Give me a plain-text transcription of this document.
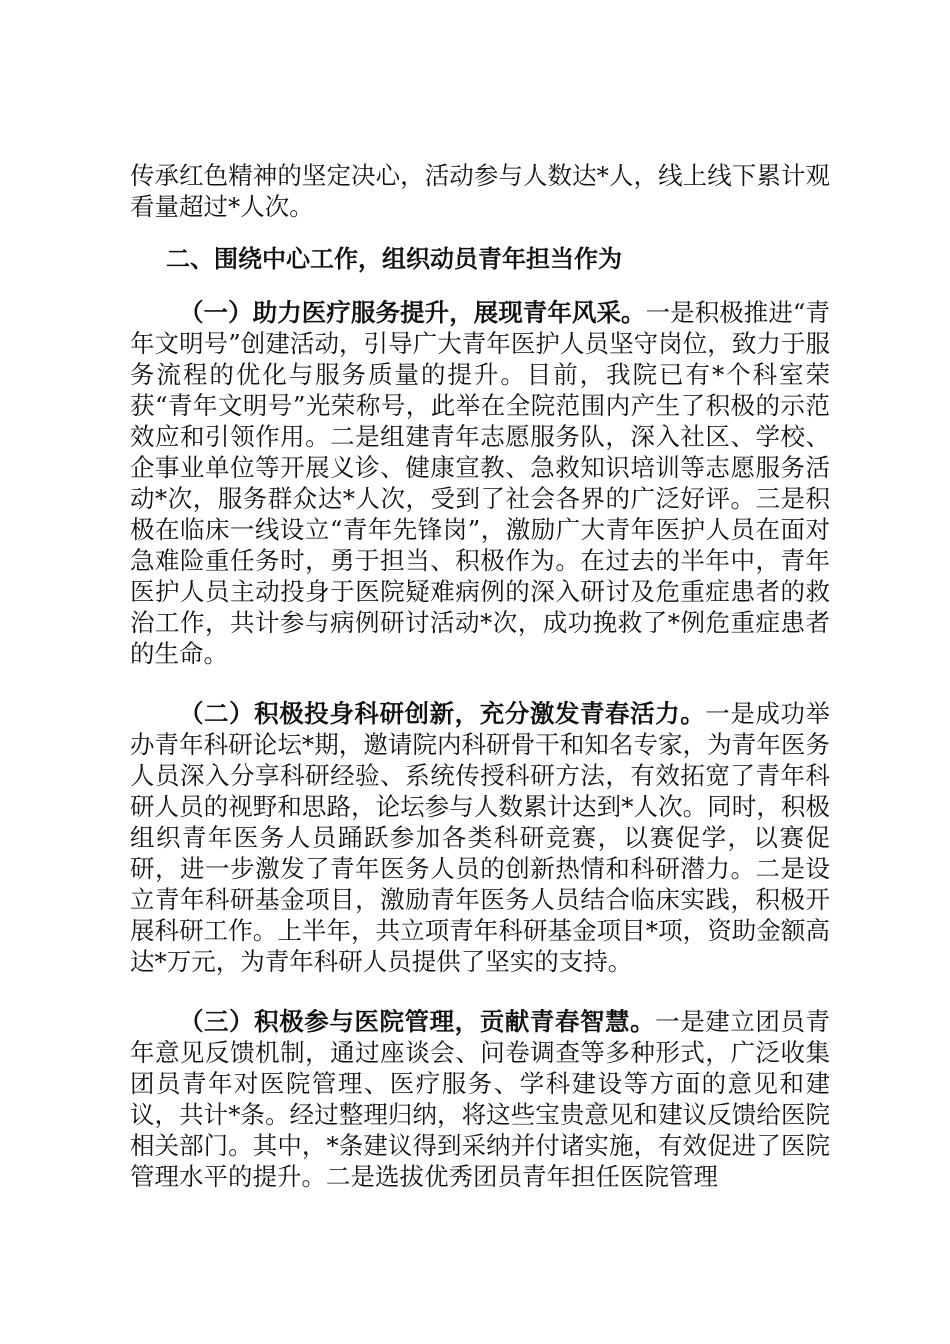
传承红色精神的坚定决心，活动参与人数达*人，线上线下累计观看量超过*人次。

二、围绕中心工作，组织动员青年担当作为

（一）助力医疗服务提升，展现青年风采。一是积极推进“青年文明号”创建活动，引导广大青年医护人员坚守岗位，致力于服务流程的优化与服务质量的提升。目前，我院已有*个科室荣获“青年文明号”光荣称号，此举在全院范围内产生了积极的示范效应和引领作用。二是组建青年志愿服务队，深入社区、学校、企事业单位等开展义诊、健康宣教、急救知识培训等志愿服务活动*次，服务群众达*人次，受到了社会各界的广泛好评。三是积极在临床一线设立“青年先锋岗”，激励广大青年医护人员在面对急难险重任务时，勇于担当、积极作为。在过去的半年中，青年医护人员主动投身于医院疑难病例的深入研讨及危重症患者的救治工作，共计参与病例研讨活动*次，成功挽救了*例危重症患者的生命。

（二）积极投身科研创新，充分激发青春活力。一是成功举办青年科研论坛*期，邀请院内科研骨干和知名专家，为青年医务人员深入分享科研经验、系统传授科研方法，有效拓宽了青年科研人员的视野和思路，论坛参与人数累计达到*人次。同时，积极组织青年医务人员踊跃参加各类科研竞赛，以赛促学，以赛促研，进一步激发了青年医务人员的创新热情和科研潜力。二是设立青年科研基金项目，激励青年医务人员结合临床实践，积极开展科研工作。上半年，共立项青年科研基金项目*项，资助金额高达*万元，为青年科研人员提供了坚实的支持。

（三）积极参与医院管理，贡献青春智慧。一是建立团员青年意见反馈机制，通过座谈会、问卷调查等多种形式，广泛收集团员青年对医院管理、医疗服务、学科建设等方面的意见和建议，共计*条。经过整理归纳，将这些宝贵意见和建议反馈给医院相关部门。其中，*条建议得到采纳并付诸实施，有效促进了医院管理水平的提升。二是选拔优秀团员青年担任医院管理
